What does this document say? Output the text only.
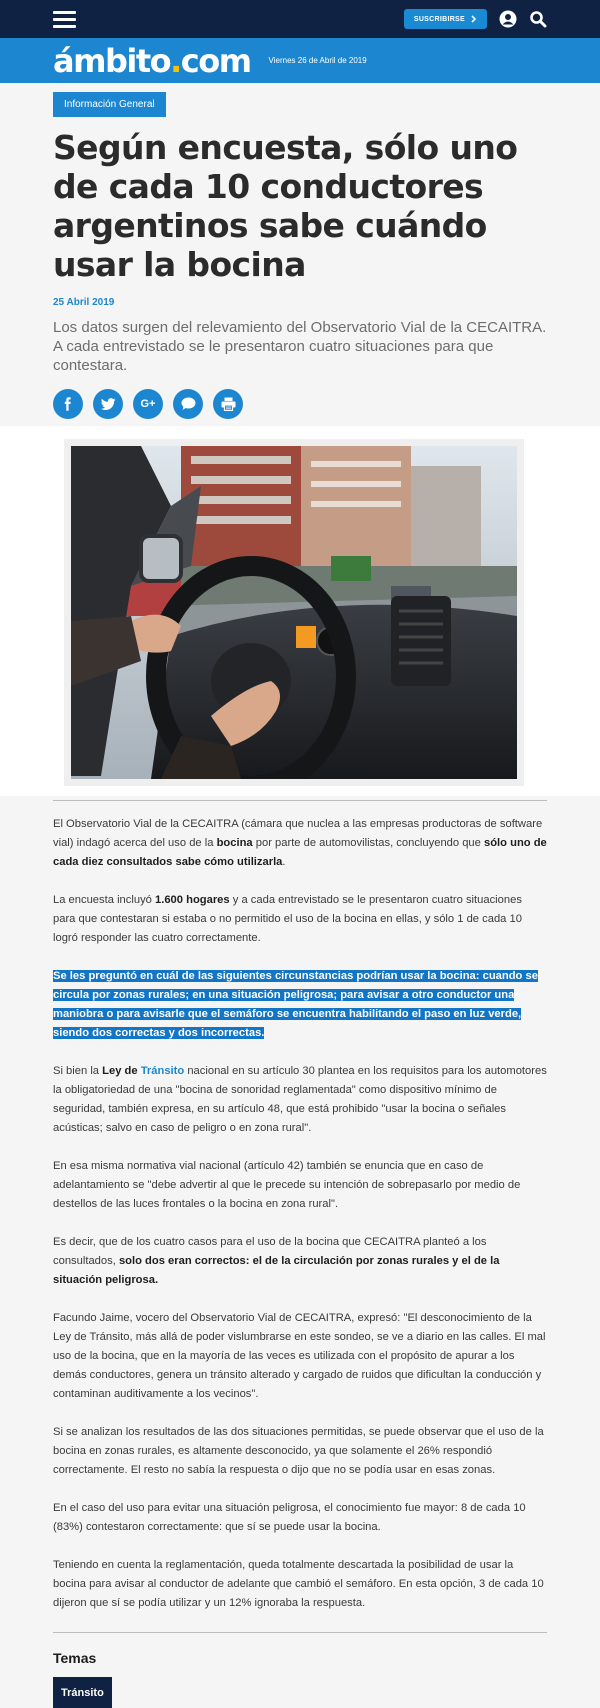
SUSCRIBIRSE
ámbito.com Viernes 26 de Abril de 2019
Información General
Según encuesta, sólo uno de cada 10 conductores argentinos sabe cuándo usar la bocina
25 Abril 2019

Los datos surgen del relevamiento del Observatorio Vial de la CECAITRA. A cada entrevistado se le presentaron cuatro situaciones para que contestara.

G+

El Observatorio Vial de la CECAITRA (cámara que nuclea a las empresas productoras de software vial) indagó acerca del uso de la bocina por parte de automovilistas, concluyendo que sólo uno de cada diez consultados sabe cómo utilizarla.

La encuesta incluyó 1.600 hogares y a cada entrevistado se le presentaron cuatro situaciones para que contestaran si estaba o no permitido el uso de la bocina en ellas, y sólo 1 de cada 10 logró responder las cuatro correctamente.

Se les preguntó en cuál de las siguientes circunstancias podrían usar la bocina: cuando se circula por zonas rurales; en una situación peligrosa; para avisar a otro conductor una maniobra o para avisarle que el semáforo se encuentra habilitando el paso en luz verde, siendo dos correctas y dos incorrectas.

Si bien la Ley de Tránsito nacional en su artículo 30 plantea en los requisitos para los automotores la obligatoriedad de una "bocina de sonoridad reglamentada" como dispositivo mínimo de seguridad, también expresa, en su artículo 48, que está prohibido "usar la bocina o señales acústicas; salvo en caso de peligro o en zona rural".

En esa misma normativa vial nacional (artículo 42) también se enuncia que en caso de adelantamiento se "debe advertir al que le precede su intención de sobrepasarlo por medio de destellos de las luces frontales o la bocina en zona rural".

Es decir, que de los cuatro casos para el uso de la bocina que CECAITRA planteó a los consultados, solo dos eran correctos: el de la circulación por zonas rurales y el de la situación peligrosa.

Facundo Jaime, vocero del Observatorio Vial de CECAITRA, expresó: "El desconocimiento de la Ley de Tránsito, más allá de poder vislumbrarse en este sondeo, se ve a diario en las calles. El mal uso de la bocina, que en la mayoría de las veces es utilizada con el propósito de apurar a los demás conductores, genera un tránsito alterado y cargado de ruidos que dificultan la conducción y contaminan auditivamente a los vecinos".

Si se analizan los resultados de las dos situaciones permitidas, se puede observar que el uso de la bocina en zonas rurales, es altamente desconocido, ya que solamente el 26% respondió correctamente. El resto no sabía la respuesta o dijo que no se podía usar en esas zonas.

En el caso del uso para evitar una situación peligrosa, el conocimiento fue mayor: 8 de cada 10 (83%) contestaron correctamente: que sí se puede usar la bocina.

Teniendo en cuenta la reglamentación, queda totalmente descartada la posibilidad de usar la bocina para avisar al conductor de adelante que cambió el semáforo. En esta opción, 3 de cada 10 dijeron que sí se podía utilizar y un 12% ignoraba la respuesta.

Temas
Tránsito
